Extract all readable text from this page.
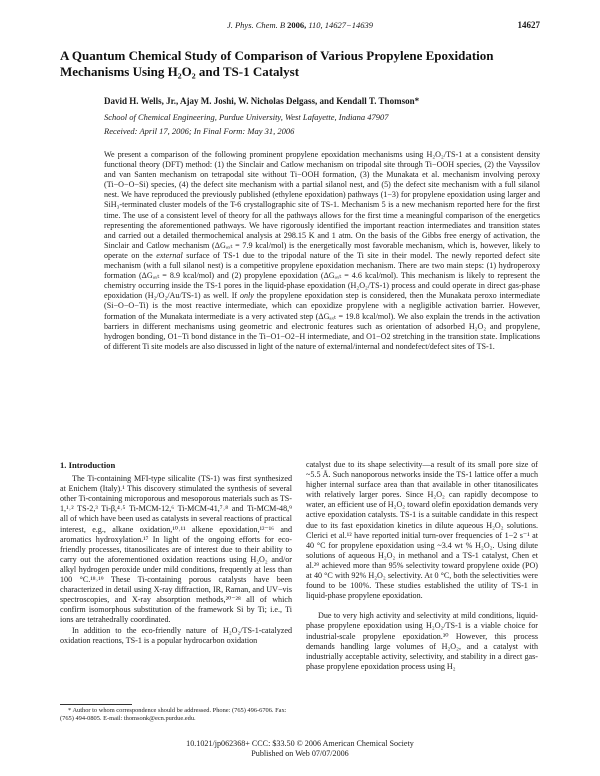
J. Phys. Chem. B 2006, 110, 14627−14639	14627
A Quantum Chemical Study of Comparison of Various Propylene Epoxidation Mechanisms Using H₂O₂ and TS-1 Catalyst
David H. Wells, Jr., Ajay M. Joshi, W. Nicholas Delgass, and Kendall T. Thomson*
School of Chemical Engineering, Purdue University, West Lafayette, Indiana 47907
Received: April 17, 2006; In Final Form: May 31, 2006

We present a comparison of the following prominent propylene epoxidation mechanisms using H₂O₂/TS-1 at a consistent density functional theory (DFT) method: (1) the Sinclair and Catlow mechanism on tripodal site through Ti−OOH species, (2) the Vayssilov and van Santen mechanism on tetrapodal site without Ti−OOH formation, (3) the Munakata et al. mechanism involving peroxy (Ti−O−O−Si) species, (4) the defect site mechanism with a partial silanol nest, and (5) the defect site mechanism with a full silanol nest. We have reproduced the previously published (ethylene epoxidation) pathways (1−3) for propylene epoxidation using larger and SiH₃-terminated cluster models of the T-6 crystallographic site of TS-1. Mechanism 5 is a new mechanism reported here for the first time. The use of a consistent level of theory for all the pathways allows for the first time a meaningful comparison of the energetics representing the aforementioned pathways. We have rigorously identified the important reaction intermediates and transition states and carried out a detailed thermochemical analysis at 298.15 K and 1 atm. On the basis of the Gibbs free energy of activation, the Sinclair and Catlow mechanism (ΔGₐₓₜ = 7.9 kcal/mol) is the energetically most favorable mechanism, which is, however, likely to operate on the external surface of TS-1 due to the tripodal nature of the Ti site in their model. The newly reported defect site mechanism (with a full silanol nest) is a competitive propylene epoxidation mechanism. There are two main steps: (1) hydroperoxy formation (ΔGₐₓₜ = 8.9 kcal/mol) and (2) propylene epoxidation (ΔGₐₓₜ = 4.6 kcal/mol). This mechanism is likely to represent the chemistry occurring inside the TS-1 pores in the liquid-phase epoxidation (H₂O₂/TS-1) process and could operate in direct gas-phase epoxidation (H₂/O₂/Au/TS-1) as well. If only the propylene epoxidation step is considered, then the Munakata peroxo intermediate (Si−O−O−Ti) is the most reactive intermediate, which can epoxidize propylene with a negligible activation barrier. However, formation of the Munakata intermediate is a very activated step (ΔGₐₓₜ = 19.8 kcal/mol). We also explain the trends in the activation barriers in different mechanisms using geometric and electronic features such as orientation of adsorbed H₂O₂ and propylene, hydrogen bonding, O1−Ti bond distance in the Ti−O1−O2−H intermediate, and O1−O2 stretching in the transition state. Implications of different Ti site models are also discussed in light of the nature of external/internal and nondefect/defect sites of TS-1.

1. Introduction

The Ti-containing MFI-type silicalite (TS-1) was first synthesized at Enichem (Italy).¹ This discovery stimulated the synthesis of several other Ti-containing microporous and mesoporous materials such as TS-1,¹˒² TS-2,³ Ti-β,⁴˒⁵ Ti-MCM-12,⁶ Ti-MCM-41,⁷˒⁸ and Ti-MCM-48,⁹ all of which have been used as catalysts in several reactions of practical interest, e.g., alkane oxidation,¹⁰˒¹¹ alkene epoxidation,¹²⁻¹⁶ and aromatics hydroxylation.¹⁷ In light of the ongoing efforts for eco-friendly processes, titanosilicates are of interest due to their ability to carry out the aforementioned oxidation reactions using H₂O₂ and/or alkyl hydrogen peroxide under mild conditions, frequently at less than 100 °C.¹⁸˒¹⁹ These Ti-containing porous catalysts have been characterized in detail using X-ray diffraction, IR, Raman, and UV−vis spectroscopies, and X-ray absorption methods,²⁰⁻²⁸ all of which confirm isomorphous substitution of the framework Si by Ti; i.e., Ti ions are tetrahedrally coordinated.

In addition to the eco-friendly nature of H₂O₂/TS-1-catalyzed oxidation reactions, TS-1 is a popular hydrocarbon oxidation

catalyst due to its shape selectivity—a result of its small pore size of ~5.5 Å. Such nanoporous networks inside the TS-1 lattice offer a much higher internal surface area than that available in other titanosilicates with relatively larger pores. Since H₂O₂ can rapidly decompose to water, an efficient use of H₂O₂ toward olefin epoxidation demands very active epoxidation catalysts. TS-1 is a suitable candidate in this respect due to its fast epoxidation kinetics in dilute aqueous H₂O₂ solutions. Clerici et al.¹² have reported initial turn-over frequencies of 1−2 s⁻¹ at 40 °C for propylene epoxidation using ~3.4 wt % H₂O₂. Using dilute solutions of aqueous H₂O₂ in methanol and a TS-1 catalyst, Chen et al.²⁹ achieved more than 95% selectivity toward propylene oxide (PO) at 40 °C with 92% H₂O₂ selectivity. At 0 °C, both the selectivities were found to be 100%. These studies established the utility of TS-1 in liquid-phase propylene epoxidation.

Due to very high activity and selectivity at mild conditions, liquid-phase propylene epoxidation using H₂O₂/TS-1 is a viable choice for industrial-scale propylene epoxidation.³⁰ However, this process demands handling large volumes of H₂O₂, and a catalyst with industrially acceptable activity, selectivity, and stability in a direct gas-phase propylene epoxidation process using H₂

* Author to whom correspondence should be addressed. Phone: (765) 496-6706. Fax: (765) 494-0805. E-mail: thomsonk@ecn.purdue.edu.

10.1021/jp062368+ CCC: $33.50 © 2006 American Chemical Society
Published on Web 07/07/2006
